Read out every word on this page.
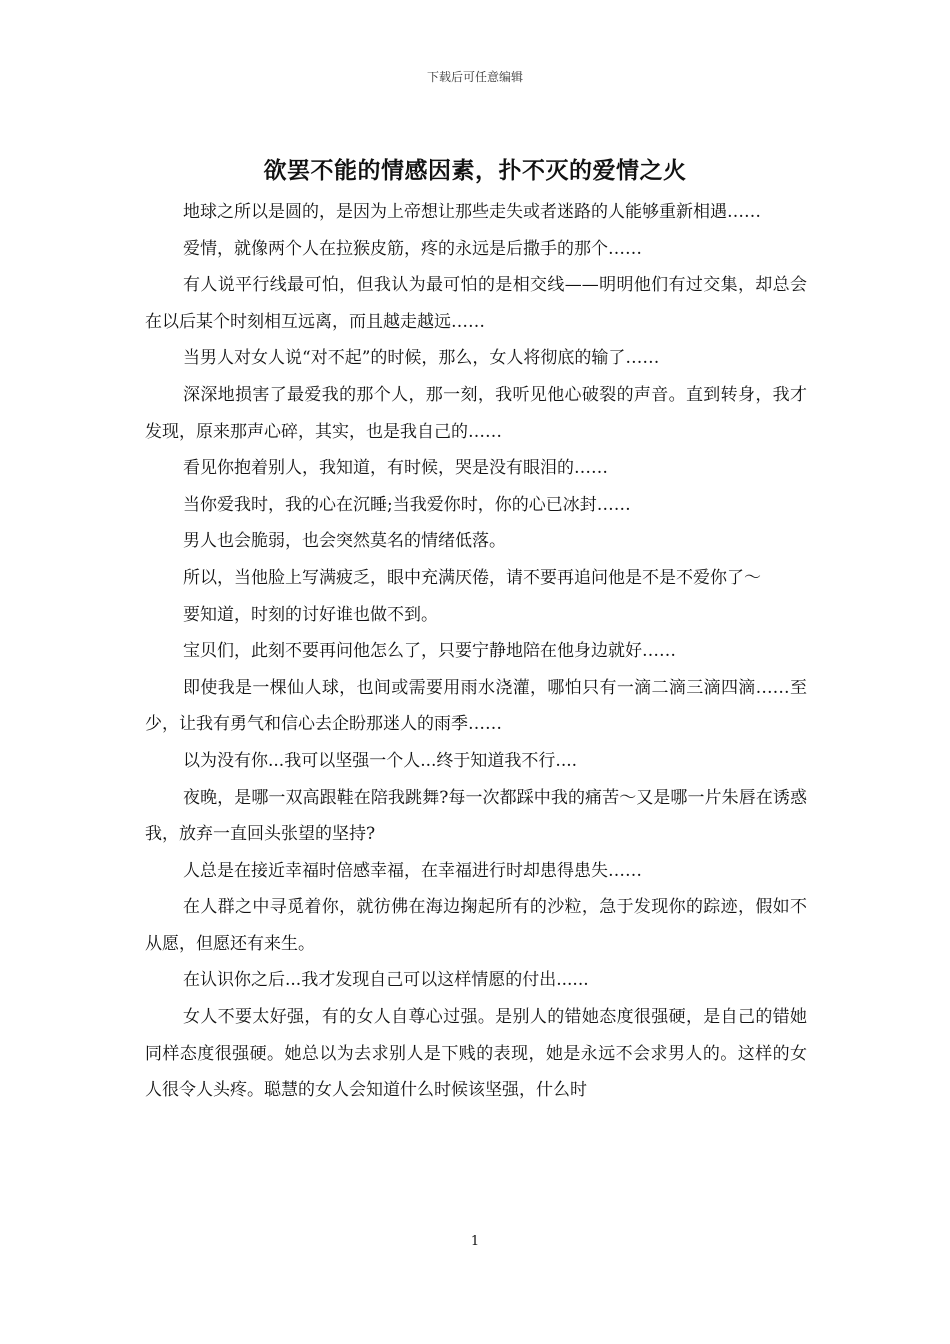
下载后可任意编辑
欲罢不能的情感因素，扑不灭的爱情之火

地球之所以是圆的，是因为上帝想让那些走失或者迷路的人能够重新相遇……

爱情，就像两个人在拉猴皮筋，疼的永远是后撒手的那个……

有人说平行线最可怕，但我认为最可怕的是相交线——明明他们有过交集，却总会在以后某个时刻相互远离，而且越走越远……

当男人对女人说“对不起”的时候，那么，女人将彻底的输了……

深深地损害了最爱我的那个人，那一刻，我听见他心破裂的声音。直到转身，我才发现，原来那声心碎，其实，也是我自己的……

看见你抱着别人，我知道，有时候，哭是没有眼泪的……

当你爱我时，我的心在沉睡;当我爱你时，你的心已冰封……

男人也会脆弱，也会突然莫名的情绪低落。

所以，当他脸上写满疲乏，眼中充满厌倦，请不要再追问他是不是不爱你了～

要知道，时刻的讨好谁也做不到。

宝贝们，此刻不要再问他怎么了，只要宁静地陪在他身边就好……

即使我是一棵仙人球，也间或需要用雨水浇灌，哪怕只有一滴二滴三滴四滴……至少，让我有勇气和信心去企盼那迷人的雨季……

以为没有你...我可以坚强一个人...终于知道我不行....

夜晚，是哪一双高跟鞋在陪我跳舞?每一次都踩中我的痛苦～又是哪一片朱唇在诱惑我，放弃一直回头张望的坚持?

人总是在接近幸福时倍感幸福，在幸福进行时却患得患失……

在人群之中寻觅着你，就彷佛在海边掬起所有的沙粒，急于发现你的踪迹，假如不从愿，但愿还有来生。

在认识你之后...我才发现自己可以这样情愿的付出......

女人不要太好强，有的女人自尊心过强。是别人的错她态度很强硬，是自己的错她同样态度很强硬。她总以为去求别人是下贱的表现，她是永远不会求男人的。这样的女人很令人头疼。聪慧的女人会知道什么时候该坚强，什么时

1
